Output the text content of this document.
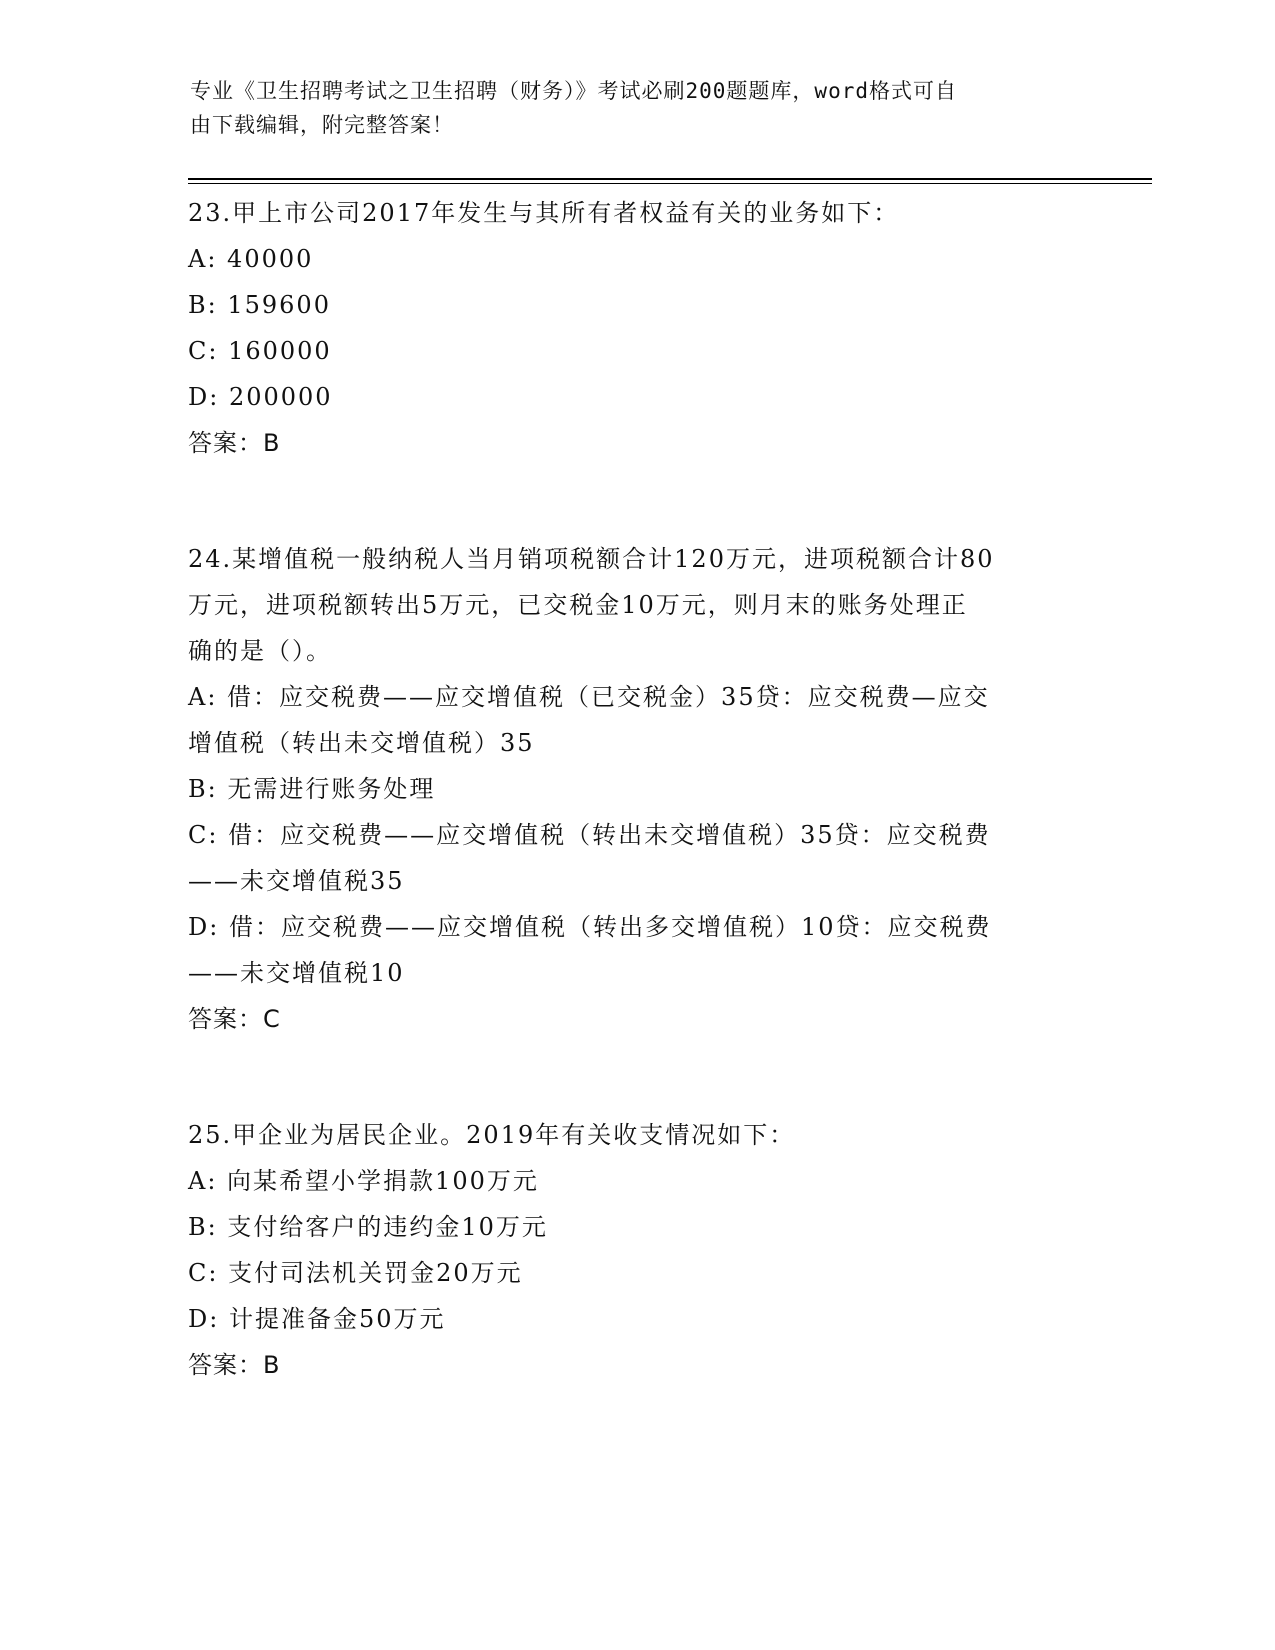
专业《卫生招聘考试之卫生招聘（财务）》考试必刷200题题库，word格式可自
由下载编辑，附完整答案！
23.甲上市公司2017年发生与其所有者权益有关的业务如下：
A: 40000
B: 159600
C: 160000
D: 200000
答案：B
24.某增值税一般纳税人当月销项税额合计120万元，进项税额合计80
万元，进项税额转出5万元，已交税金10万元，则月末的账务处理正
确的是（）。
A: 借：应交税费——应交增值税（已交税金）35贷：应交税费—应交
增值税（转出未交增值税）35
B: 无需进行账务处理
C: 借：应交税费——应交增值税（转出未交增值税）35贷：应交税费
——未交增值税35
D: 借：应交税费——应交增值税（转出多交增值税）10贷：应交税费
——未交增值税10
答案：C
25.甲企业为居民企业。2019年有关收支情况如下：
A: 向某希望小学捐款100万元
B: 支付给客户的违约金10万元
C: 支付司法机关罚金20万元
D: 计提准备金50万元
答案：B
